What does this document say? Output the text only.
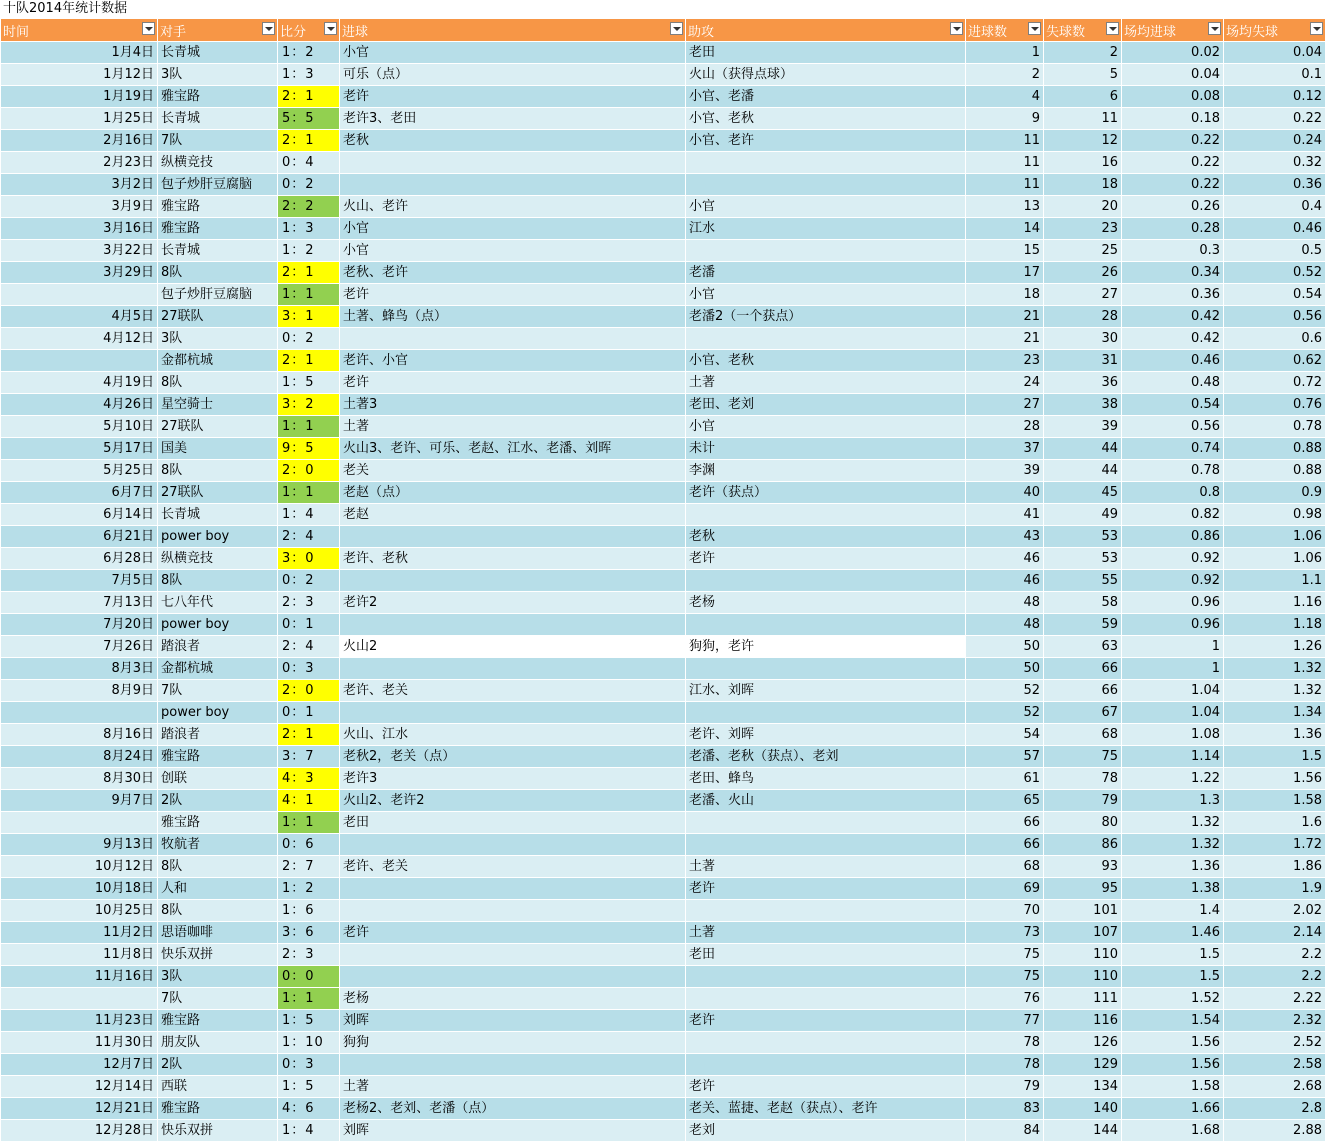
十队2014年统计数据
时间	对手	比分	进球	助攻	进球数	失球数	场均进球	场均失球

1月4日	长青城	1：2	小官	老田	1	2	0.02	0.04
1月12日	3队	1：3	可乐（点）	火山（获得点球）	2	5	0.04	0.1
1月19日	雅宝路	2：1	老许	小官、老潘	4	6	0.08	0.12
1月25日	长青城	5：5	老许3、老田	小官、老秋	9	11	0.18	0.22
2月16日	7队	2：1	老秋	小官、老许	11	12	0.22	0.24
2月23日	纵横竞技	0：4			11	16	0.22	0.32
3月2日	包子炒肝豆腐脑	0：2			11	18	0.22	0.36
3月9日	雅宝路	2：2	火山、老许	小官	13	20	0.26	0.4
3月16日	雅宝路	1：3	小官	江水	14	23	0.28	0.46
3月22日	长青城	1：2	小官		15	25	0.3	0.5
3月29日	8队	2：1	老秋、老许	老潘	17	26	0.34	0.52
	包子炒肝豆腐脑	1：1	老许	小官	18	27	0.36	0.54
4月5日	27联队	3：1	土著、蜂鸟（点）	老潘2（一个获点）	21	28	0.42	0.56
4月12日	3队	0：2			21	30	0.42	0.6
	金都杭城	2：1	老许、小官	小官、老秋	23	31	0.46	0.62
4月19日	8队	1：5	老许	土著	24	36	0.48	0.72
4月26日	星空骑士	3：2	土著3	老田、老刘	27	38	0.54	0.76
5月10日	27联队	1：1	土著	小官	28	39	0.56	0.78
5月17日	国美	9：5	火山3、老许、可乐、老赵、江水、老潘、刘晖	未计	37	44	0.74	0.88
5月25日	8队	2：0	老关	李渊	39	44	0.78	0.88
6月7日	27联队	1：1	老赵（点）	老许（获点）	40	45	0.8	0.9
6月14日	长青城	1：4	老赵		41	49	0.82	0.98
6月21日	power boy	2：4		老秋	43	53	0.86	1.06
6月28日	纵横竞技	3：0	老许、老秋	老许	46	53	0.92	1.06
7月5日	8队	0：2			46	55	0.92	1.1
7月13日	七八年代	2：3	老许2	老杨	48	58	0.96	1.16
7月20日	power boy	0：1			48	59	0.96	1.18
7月26日	踏浪者	2：4	火山2	狗狗，老许	50	63	1	1.26
8月3日	金都杭城	0：3			50	66	1	1.32
8月9日	7队	2：0	老许、老关	江水、刘晖	52	66	1.04	1.32
	power boy	0：1			52	67	1.04	1.34
8月16日	踏浪者	2：1	火山、江水	老许、刘晖	54	68	1.08	1.36
8月24日	雅宝路	3：7	老秋2，老关（点）	老潘、老秋（获点）、老刘	57	75	1.14	1.5
8月30日	创联	4：3	老许3	老田、蜂鸟	61	78	1.22	1.56
9月7日	2队	4：1	火山2、老许2	老潘、火山	65	79	1.3	1.58
	雅宝路	1：1	老田		66	80	1.32	1.6
9月13日	牧航者	0：6			66	86	1.32	1.72
10月12日	8队	2：7	老许、老关	土著	68	93	1.36	1.86
10月18日	人和	1：2		老许	69	95	1.38	1.9
10月25日	8队	1：6			70	101	1.4	2.02
11月2日	思语咖啡	3：6	老许	土著	73	107	1.46	2.14
11月8日	快乐双拼	2：3		老田	75	110	1.5	2.2
11月16日	3队	0：0			75	110	1.5	2.2
	7队	1：1	老杨		76	111	1.52	2.22
11月23日	雅宝路	1：5	刘晖	老许	77	116	1.54	2.32
11月30日	朋友队	1：10	狗狗		78	126	1.56	2.52
12月7日	2队	0：3			78	129	1.56	2.58
12月14日	西联	1：5	土著	老许	79	134	1.58	2.68
12月21日	雅宝路	4：6	老杨2、老刘、老潘（点）	老关、蓝捷、老赵（获点）、老许	83	140	1.66	2.8
12月28日	快乐双拼	1：4	刘晖	老刘	84	144	1.68	2.88
